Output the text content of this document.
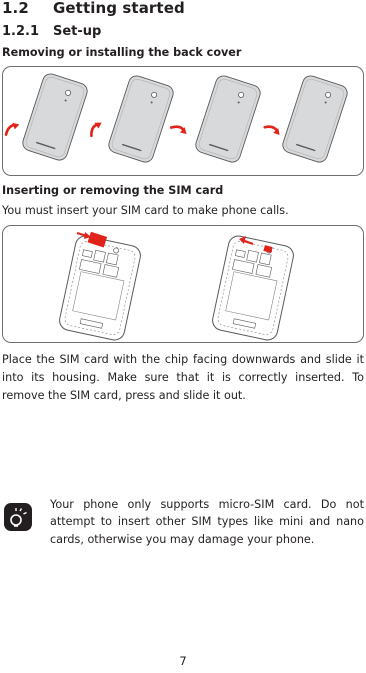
1.2 Getting started
1.2.1 Set-up
Removing or installing the back cover
Inserting or removing the SIM card
You must insert your SIM card to make phone calls.
Place the SIM card with the chip facing downwards and slide it into its housing. Make sure that it is correctly inserted. To remove the SIM card, press and slide it out.
Your phone only supports micro-SIM card. Do not attempt to insert other SIM types like mini and nano cards, otherwise you may damage your phone.
7
